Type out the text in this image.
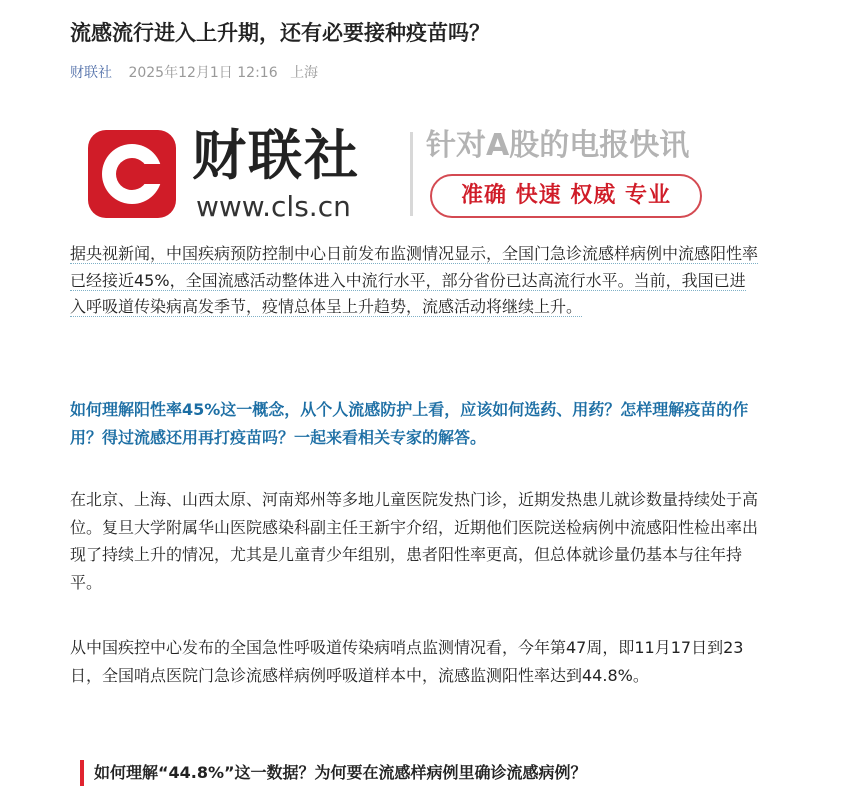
流感流行进入上升期，还有必要接种疫苗吗？
财联社 2025年12月1日 12:16 上海
财联社
www.cls.cn
针对A股的电报快讯
准确 快速 权威 专业
据央视新闻，中国疾病预防控制中心日前发布监测情况显示，全国门急诊流感样病例中流感阳性率已经接近45%，全国流感活动整体进入中流行水平，部分省份已达高流行水平。当前，我国已进入呼吸道传染病高发季节，疫情总体呈上升趋势，流感活动将继续上升。
如何理解阳性率45%这一概念，从个人流感防护上看，应该如何选药、用药？怎样理解疫苗的作用？得过流感还用再打疫苗吗？一起来看相关专家的解答。
在北京、上海、山西太原、河南郑州等多地儿童医院发热门诊，近期发热患儿就诊数量持续处于高位。复旦大学附属华山医院感染科副主任王新宇介绍，近期他们医院送检病例中流感阳性检出率出现了持续上升的情况，尤其是儿童青少年组别，患者阳性率更高，但总体就诊量仍基本与往年持平。
从中国疾控中心发布的全国急性呼吸道传染病哨点监测情况看，今年第47周，即11月17日到23日，全国哨点医院门急诊流感样病例呼吸道样本中，流感监测阳性率达到44.8%。
如何理解“44.8%”这一数据？为何要在流感样病例里确诊流感病例？
